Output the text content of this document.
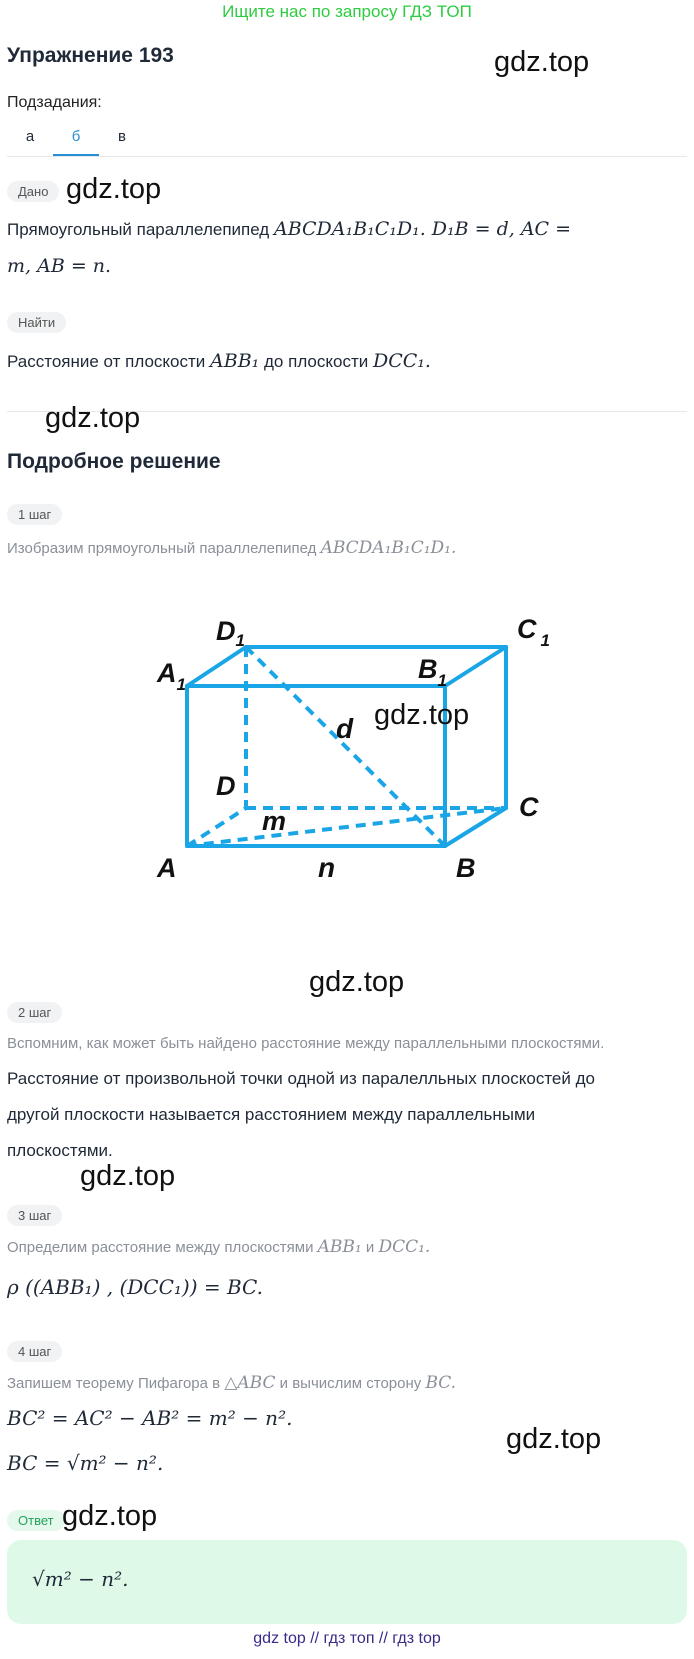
Ищите нас по запросу ГДЗ ТОП
Упражнение 193	gdz.top
Подзадания:
а	б	в
Дано gdz.top
Прямоугольный параллелепипед ABCDA₁B₁C₁D₁. D₁B = d, AC =
m, AB = n.
Найти
Расстояние от плоскости ABB₁ до плоскости DCC₁.
gdz.top
Подробное решение
1 шаг
Изобразим прямоугольный параллелепипед ABCDA₁B₁C₁D₁.
$D_1$	C $_1$
$A_1$
$B_1$
d
D
m	C
A	n	B
gdz.top
gdz.top
2 шаг
Вспомним, как может быть найдено расстояние между параллельными плоскостями.
Расстояние от произвольной точки одной из паралелльных плоскостей до
другой плоскости называется расстоянием между параллельными
плоскостями.
gdz.top
3 шаг
Определим расстояние между плоскостями ABB₁ и DCC₁.
ρ ((ABB₁) , (DCC₁)) = BC.
4 шаг
Запишем теорему Пифагора в △ABC и вычислим сторону BC.
BC² = AC² − AB² = m² − n².
BC = √m² − n².
gdz.top
Ответ gdz.top
√m² − n².
gdz top // гдз топ // гдз top
